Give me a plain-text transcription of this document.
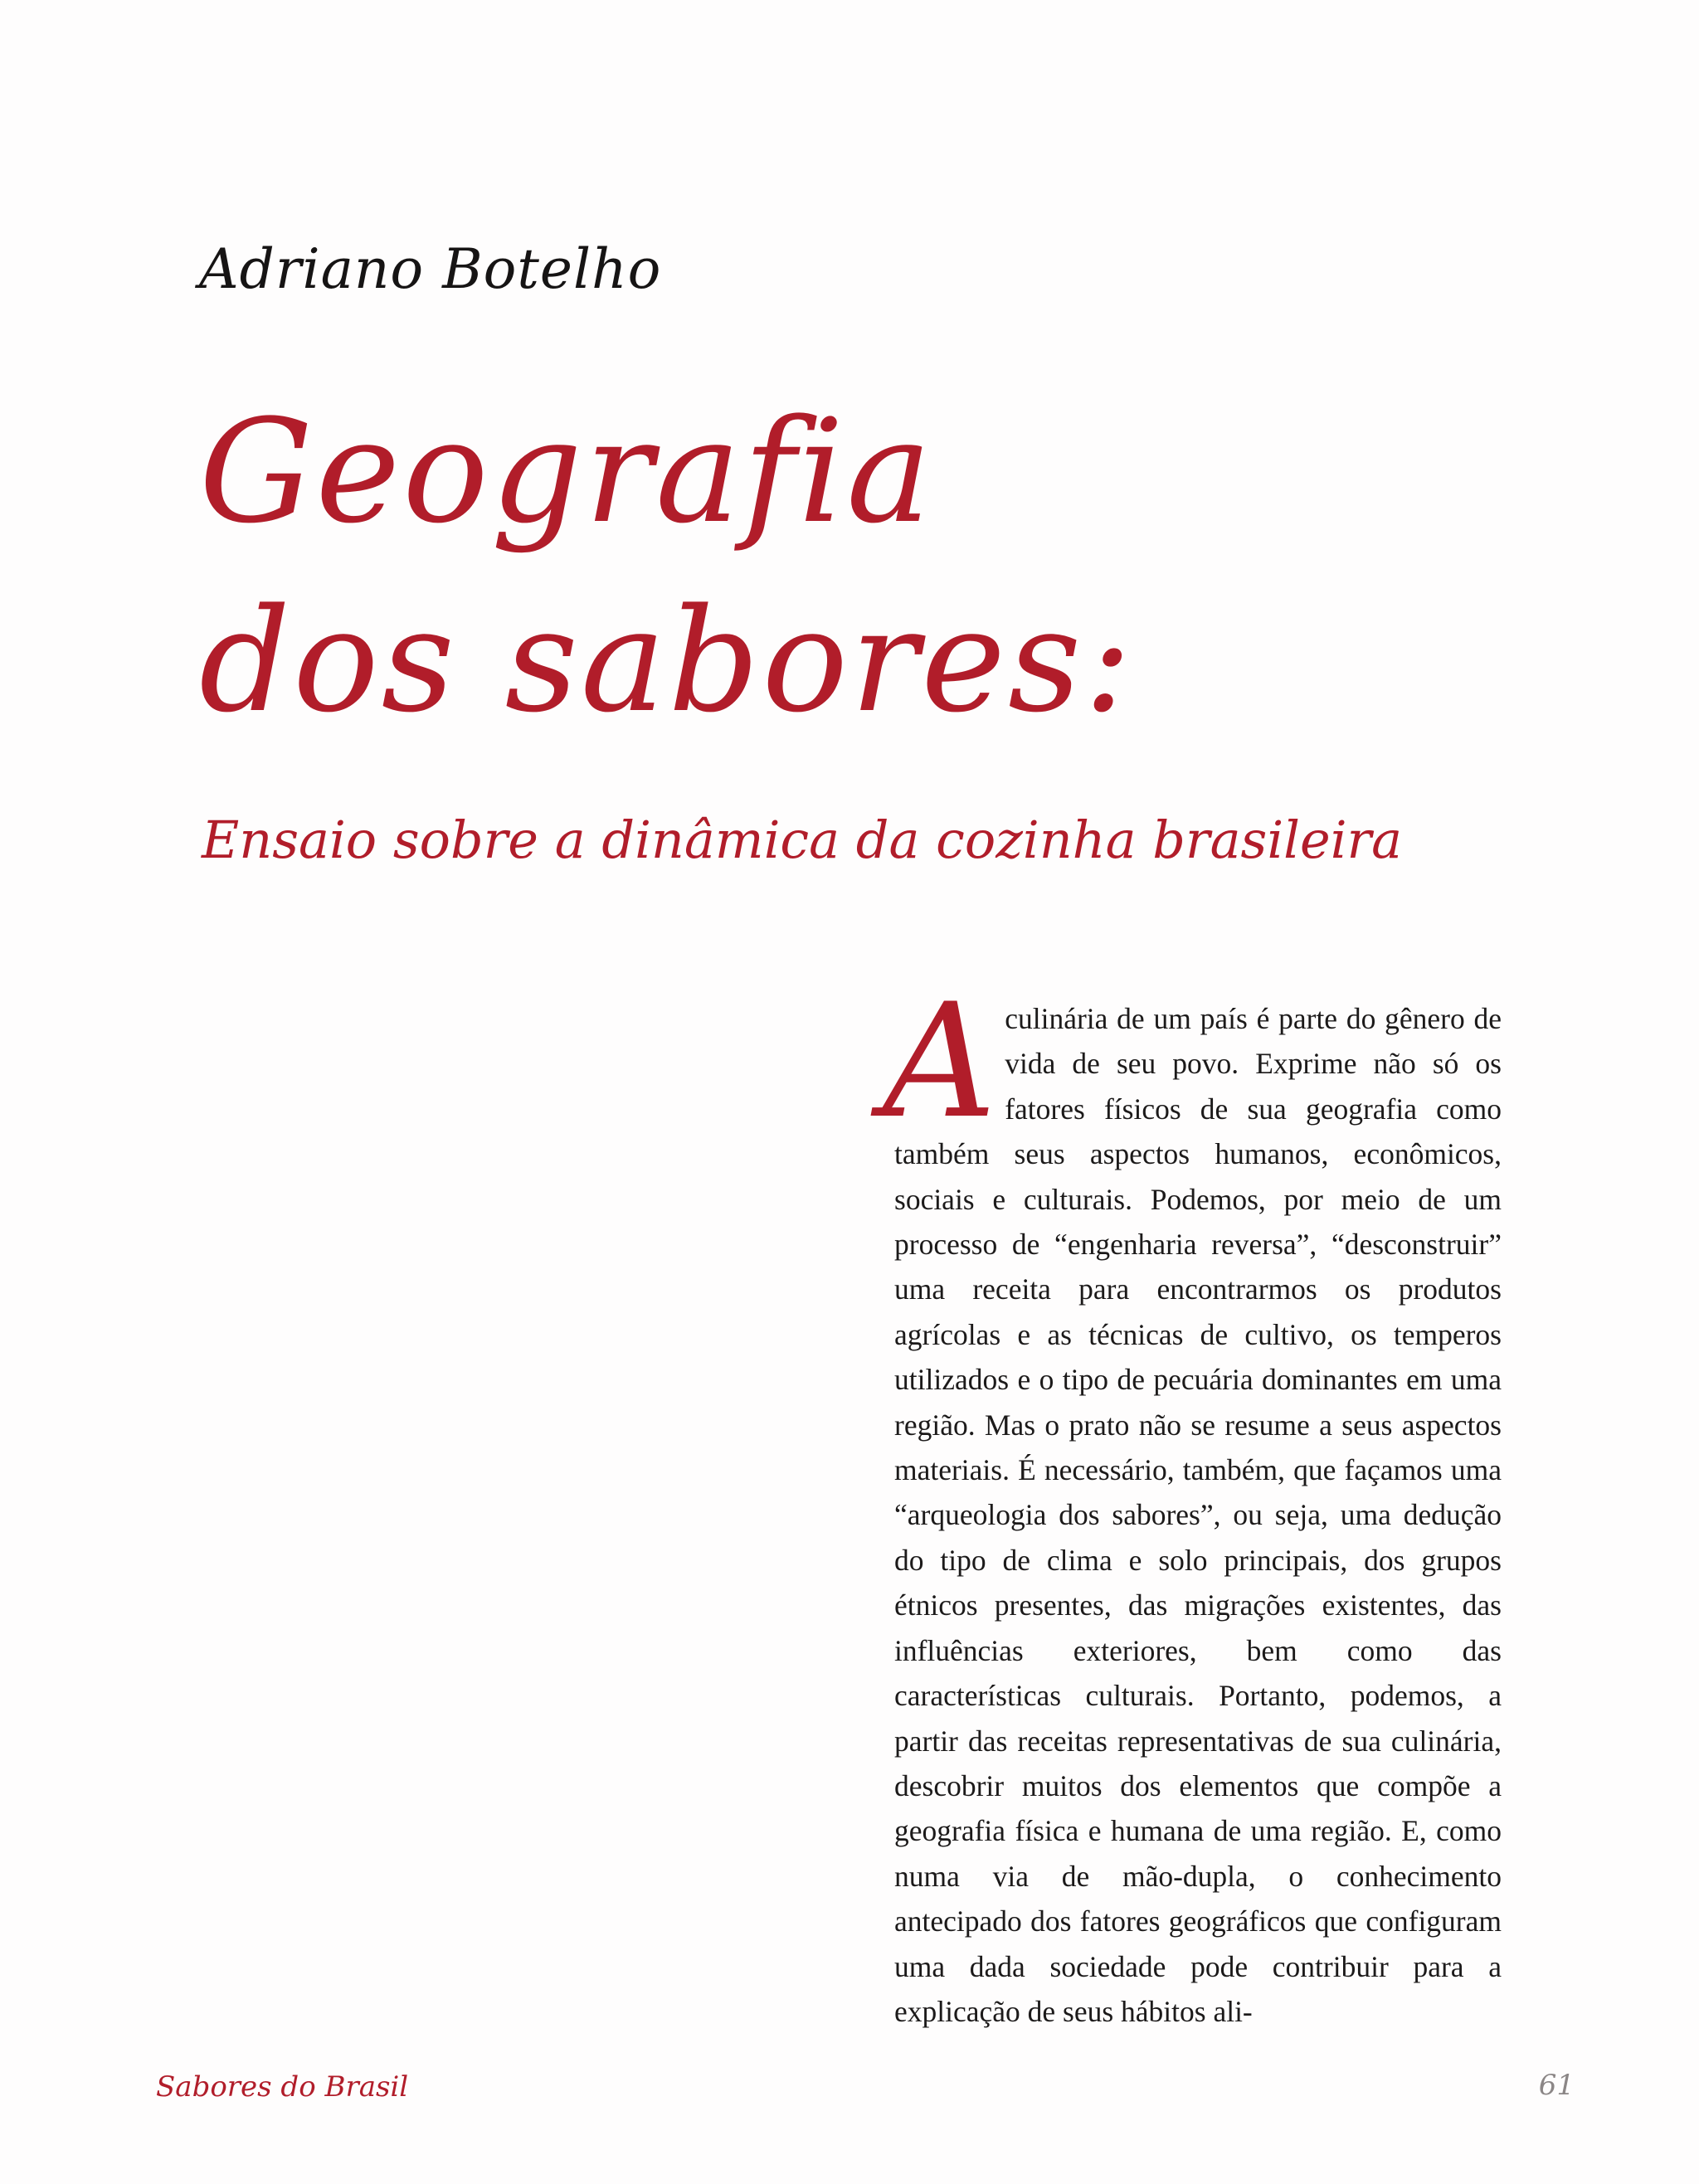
Adriano Botelho
Geografia
dos sabores:
Ensaio sobre a dinâmica da cozinha brasileira

A culinária de um país é parte do gênero de vida de seu povo. Exprime não só os fatores físicos de sua geografia como também seus aspectos humanos, econômicos, sociais e culturais. Podemos, por meio de um processo de “engenharia reversa”, “desconstruir” uma receita para encontrarmos os produtos agrícolas e as técnicas de cultivo, os temperos utilizados e o tipo de pecuária dominantes em uma região. Mas o prato não se resume a seus aspectos materiais. É necessário, também, que façamos uma “arqueologia dos sabores”, ou seja, uma dedução do tipo de clima e solo principais, dos grupos étnicos presentes, das migrações existentes, das influências exteriores, bem como das características culturais. Portanto, podemos, a partir das receitas representativas de sua culinária, descobrir muitos dos elementos que compõe a geografia física e humana de uma região. E, como numa via de mão-dupla, o conhecimento antecipado dos fatores geográficos que configuram uma dada sociedade pode contribuir para a explicação de seus hábitos ali-

Sabores do Brasil	61
